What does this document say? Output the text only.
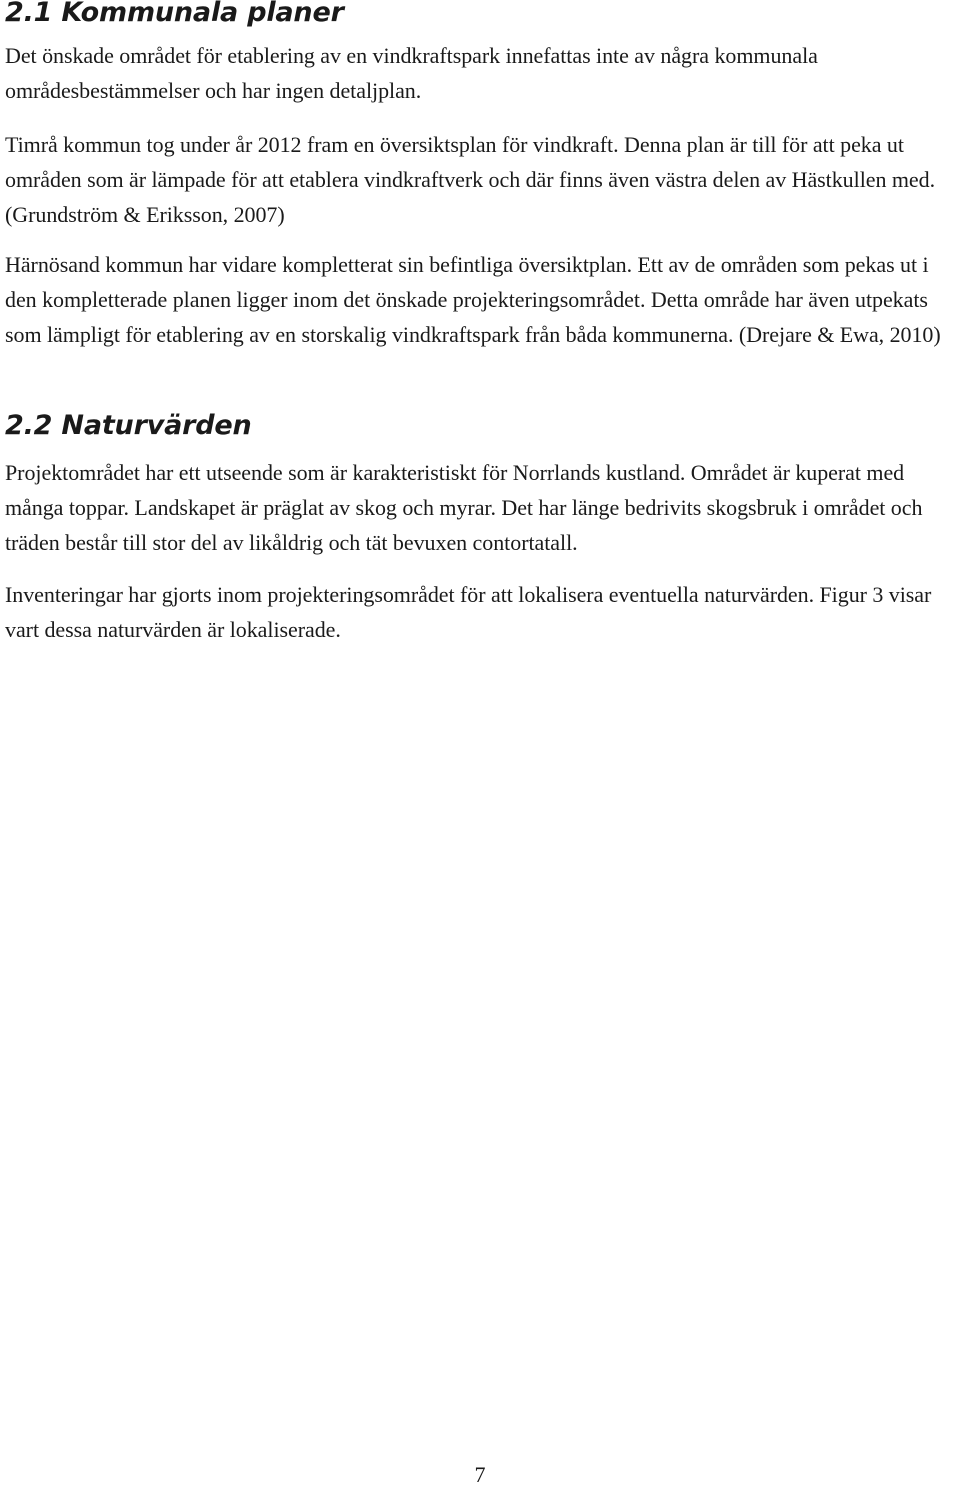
2.1 Kommunala planer

Det önskade området för etablering av en vindkraftspark innefattas inte av några kommunala områdesbestämmelser och har ingen detaljplan.

Timrå kommun tog under år 2012 fram en översiktsplan för vindkraft. Denna plan är till för att peka ut områden som är lämpade för att etablera vindkraftverk och där finns även västra delen av Hästkullen med. (Grundström & Eriksson, 2007)

Härnösand kommun har vidare kompletterat sin befintliga översiktplan. Ett av de områden som pekas ut i den kompletterade planen ligger inom det önskade projekteringsområdet. Detta område har även utpekats som lämpligt för etablering av en storskalig vindkraftspark från båda kommunerna. (Drejare & Ewa, 2010)

2.2 Naturvärden

Projektområdet har ett utseende som är karakteristiskt för Norrlands kustland. Området är kuperat med många toppar. Landskapet är präglat av skog och myrar. Det har länge bedrivits skogsbruk i området och träden består till stor del av likåldrig och tät bevuxen contortatall.

Inventeringar har gjorts inom projekteringsområdet för att lokalisera eventuella naturvärden. Figur 3 visar vart dessa naturvärden är lokaliserade.

7
